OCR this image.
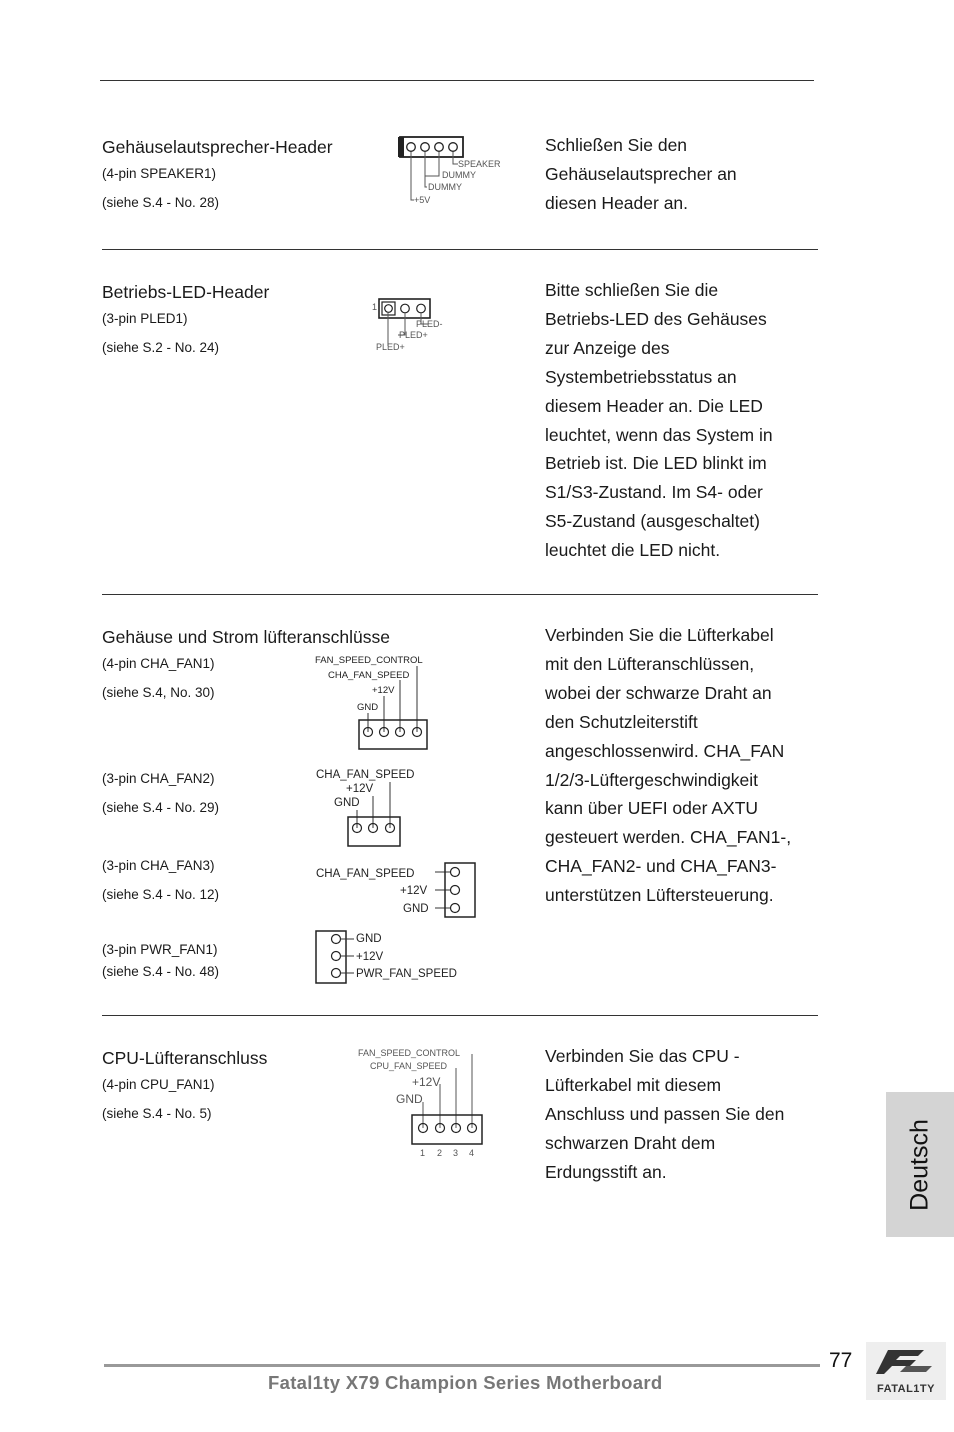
Gehäuselautsprecher-Header
(4-pin SPEAKER1)
(siehe S.4 - No. 28)
SPEAKER
DUMMY
DUMMY
+5V
Schließen Sie den
Gehäuselautsprecher an
diesen Header an.
Betriebs-LED-Header
(3-pin PLED1)
(siehe S.2 - No. 24)
1
PLED-
PLED+
PLED+
Bitte schließen Sie die
Betriebs-LED des Gehäuses
zur Anzeige des
Systembetriebsstatus an
diesem Header an. Die LED
leuchtet, wenn das System in
Betrieb ist. Die LED blinkt im
S1/S3-Zustand. Im S4- oder
S5-Zustand (ausgeschaltet)
leuchtet die LED nicht.
Gehäuse und Strom lüfteranschlüsse
(4-pin CHA_FAN1)
(siehe S.4, No. 30)
(3-pin CHA_FAN2)
(siehe S.4 - No. 29)
(3-pin CHA_FAN3)
(siehe S.4 - No. 12)
(3-pin PWR_FAN1)
(siehe S.4 - No. 48)
FAN_SPEED_CONTROL
CHA_FAN_SPEED
+12V
GND
CHA_FAN_SPEED
+12V
GND
CHA_FAN_SPEED
+12V
GND
GND
+12V
PWR_FAN_SPEED
Verbinden Sie die Lüfterkabel
mit den Lüfteranschlüssen,
wobei der schwarze Draht an
den Schutzleiterstift
angeschlossenwird. CHA_FAN
1/2/3-Lüftergeschwindigkeit
kann über UEFI oder AXTU
gesteuert werden. CHA_FAN1-,
CHA_FAN2- und CHA_FAN3-
unterstützen Lüftersteuerung.
CPU-Lüfteranschluss
(4-pin CPU_FAN1)
(siehe S.4 - No. 5)
FAN_SPEED_CONTROL
CPU_FAN_SPEED
+12V
GND
1 2 3 4
Verbinden Sie das CPU -
Lüfterkabel mit diesem
Anschluss und passen Sie den
schwarzen Draht dem
Erdungsstift an.	Deutsch
77
Fatal1ty X79 Champion Series Motherboard	FATAL1TY
